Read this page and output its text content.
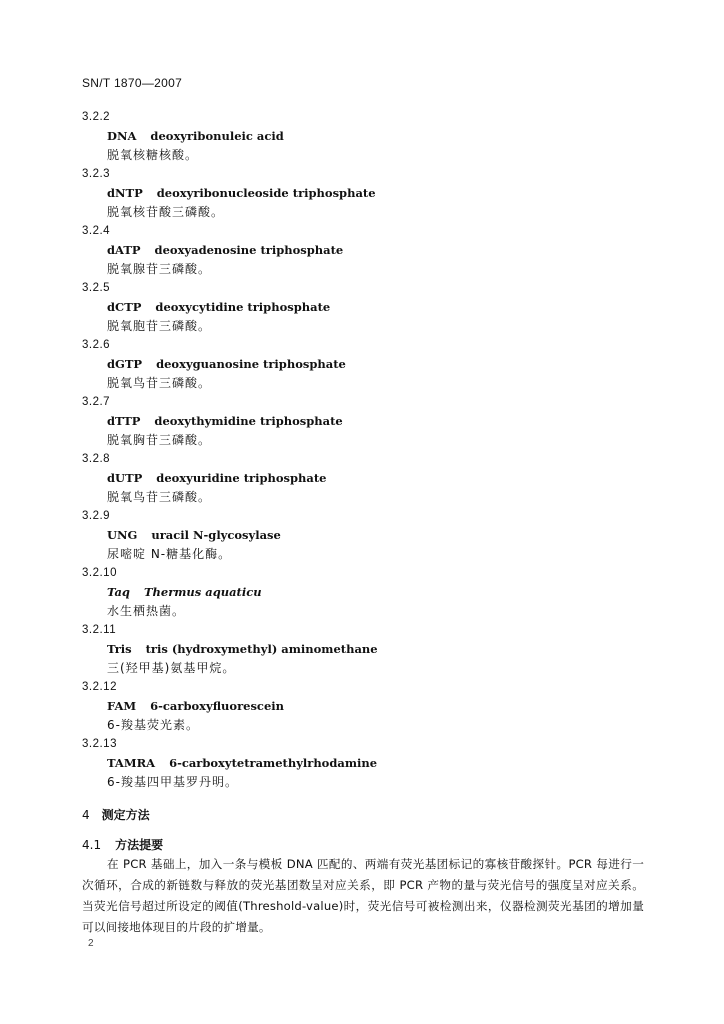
SN/T 1870—2007
3.2.2
DNA deoxyribonuleic acid
脱氧核糖核酸。
3.2.3
dNTP deoxyribonucleoside triphosphate
脱氧核苷酸三磷酸。
3.2.4
dATP deoxyadenosine triphosphate
脱氧腺苷三磷酸。
3.2.5
dCTP deoxycytidine triphosphate
脱氧胞苷三磷酸。
3.2.6
dGTP deoxyguanosine triphosphate
脱氧鸟苷三磷酸。
3.2.7
dTTP deoxythymidine triphosphate
脱氧胸苷三磷酸。
3.2.8
dUTP deoxyuridine triphosphate
脱氧鸟苷三磷酸。
3.2.9
UNG uracil N-glycosylase
尿嘧啶 N-糖基化酶。
3.2.10
Taq Thermus aquaticu
水生栖热菌。
3.2.11
Tris tris (hydroxymethyl) aminomethane
三(羟甲基)氨基甲烷。
3.2.12
FAM 6-carboxyfluorescein
6-羧基荧光素。
3.2.13
TAMRA 6-carboxytetramethylrhodamine
6-羧基四甲基罗丹明。
4 测定方法
4.1 方法提要
在 PCR 基础上，加入一条与模板 DNA 匹配的、两端有荧光基团标记的寡核苷酸探针。PCR 每进行一次循环，合成的新链数与释放的荧光基团数呈对应关系，即 PCR 产物的量与荧光信号的强度呈对应关系。当荧光信号超过所设定的阈值(Threshold-value)时，荧光信号可被检测出来，仪器检测荧光基团的增加量可以间接地体现目的片段的扩增量。
2
